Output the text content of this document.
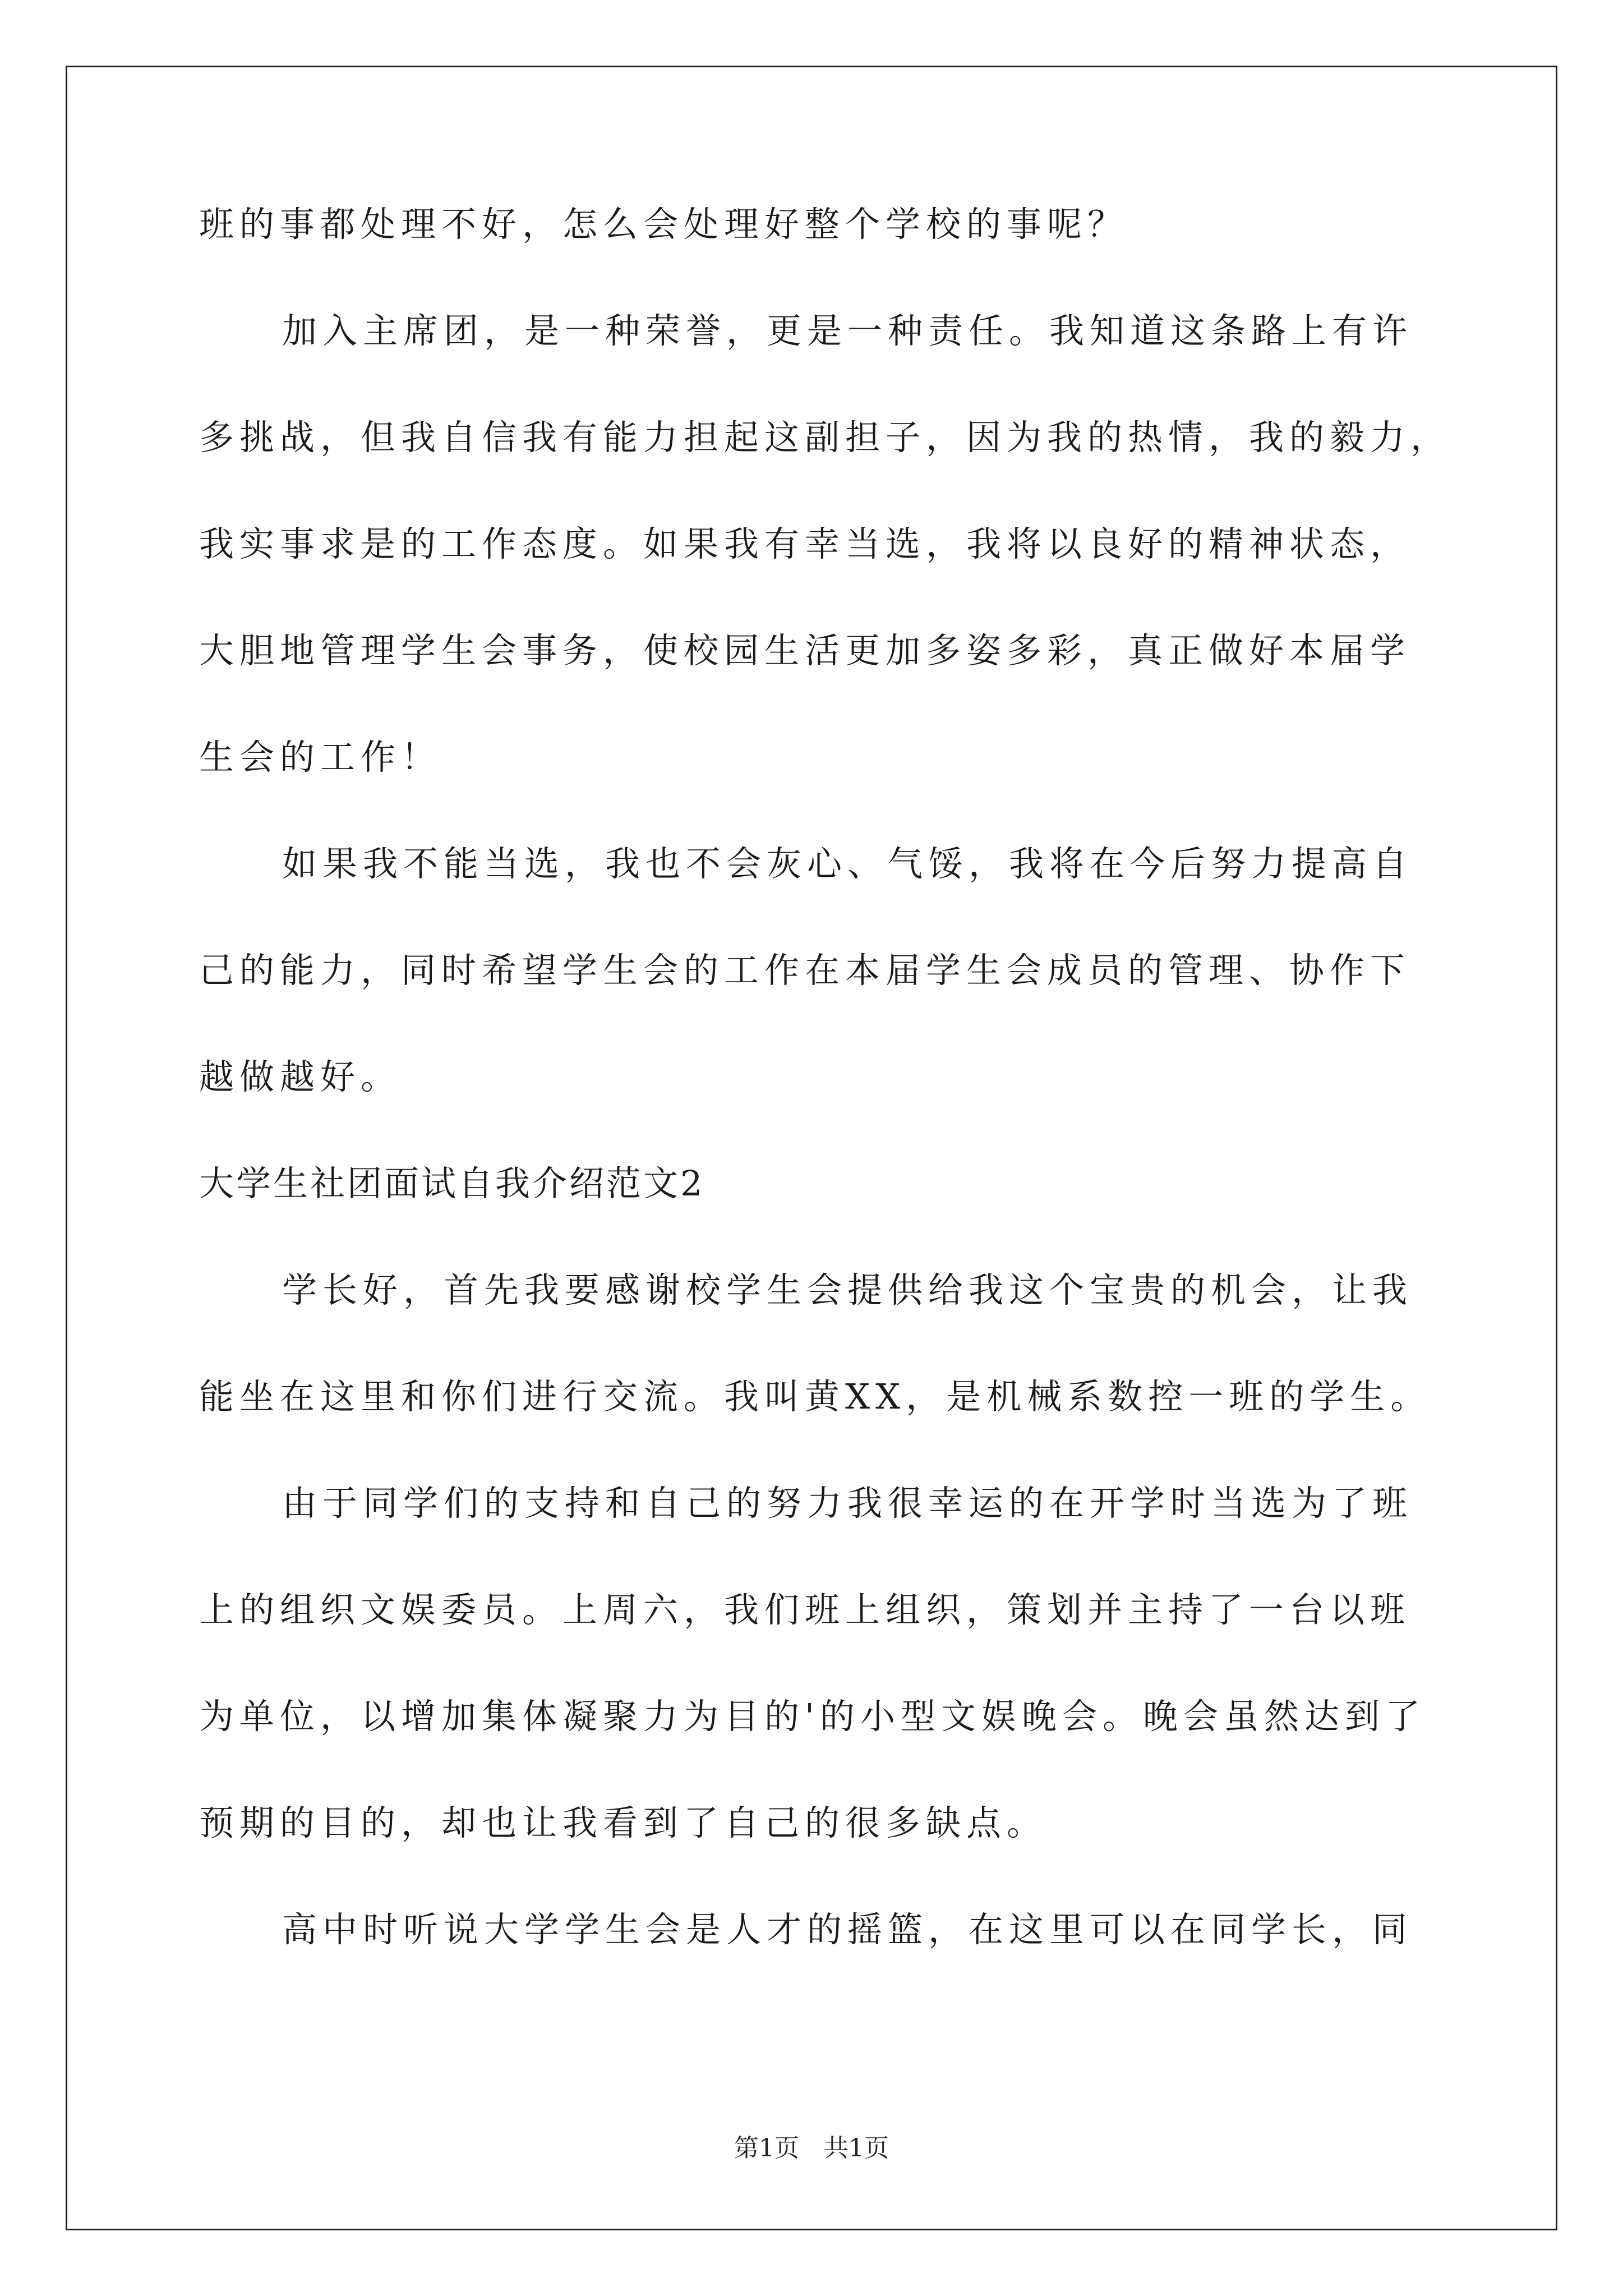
班的事都处理不好，怎么会处理好整个学校的事呢？
加入主席团，是一种荣誉，更是一种责任。我知道这条路上有许
多挑战，但我自信我有能力担起这副担子，因为我的热情，我的毅力，
我实事求是的工作态度。如果我有幸当选，我将以良好的精神状态，
大胆地管理学生会事务，使校园生活更加多姿多彩，真正做好本届学
生会的工作！
如果我不能当选，我也不会灰心、气馁，我将在今后努力提高自
己的能力，同时希望学生会的工作在本届学生会成员的管理、协作下
越做越好。
大学生社团面试自我介绍范文2
学长好，首先我要感谢校学生会提供给我这个宝贵的机会，让我
能坐在这里和你们进行交流。我叫黄XX，是机械系数控一班的学生。
由于同学们的支持和自己的努力我很幸运的在开学时当选为了班
上的组织文娱委员。上周六，我们班上组织，策划并主持了一台以班
为单位，以增加集体凝聚力为目的'的小型文娱晚会。晚会虽然达到了
预期的目的，却也让我看到了自己的很多缺点。
高中时听说大学学生会是人才的摇篮，在这里可以在同学长，同
第1页　共1页
